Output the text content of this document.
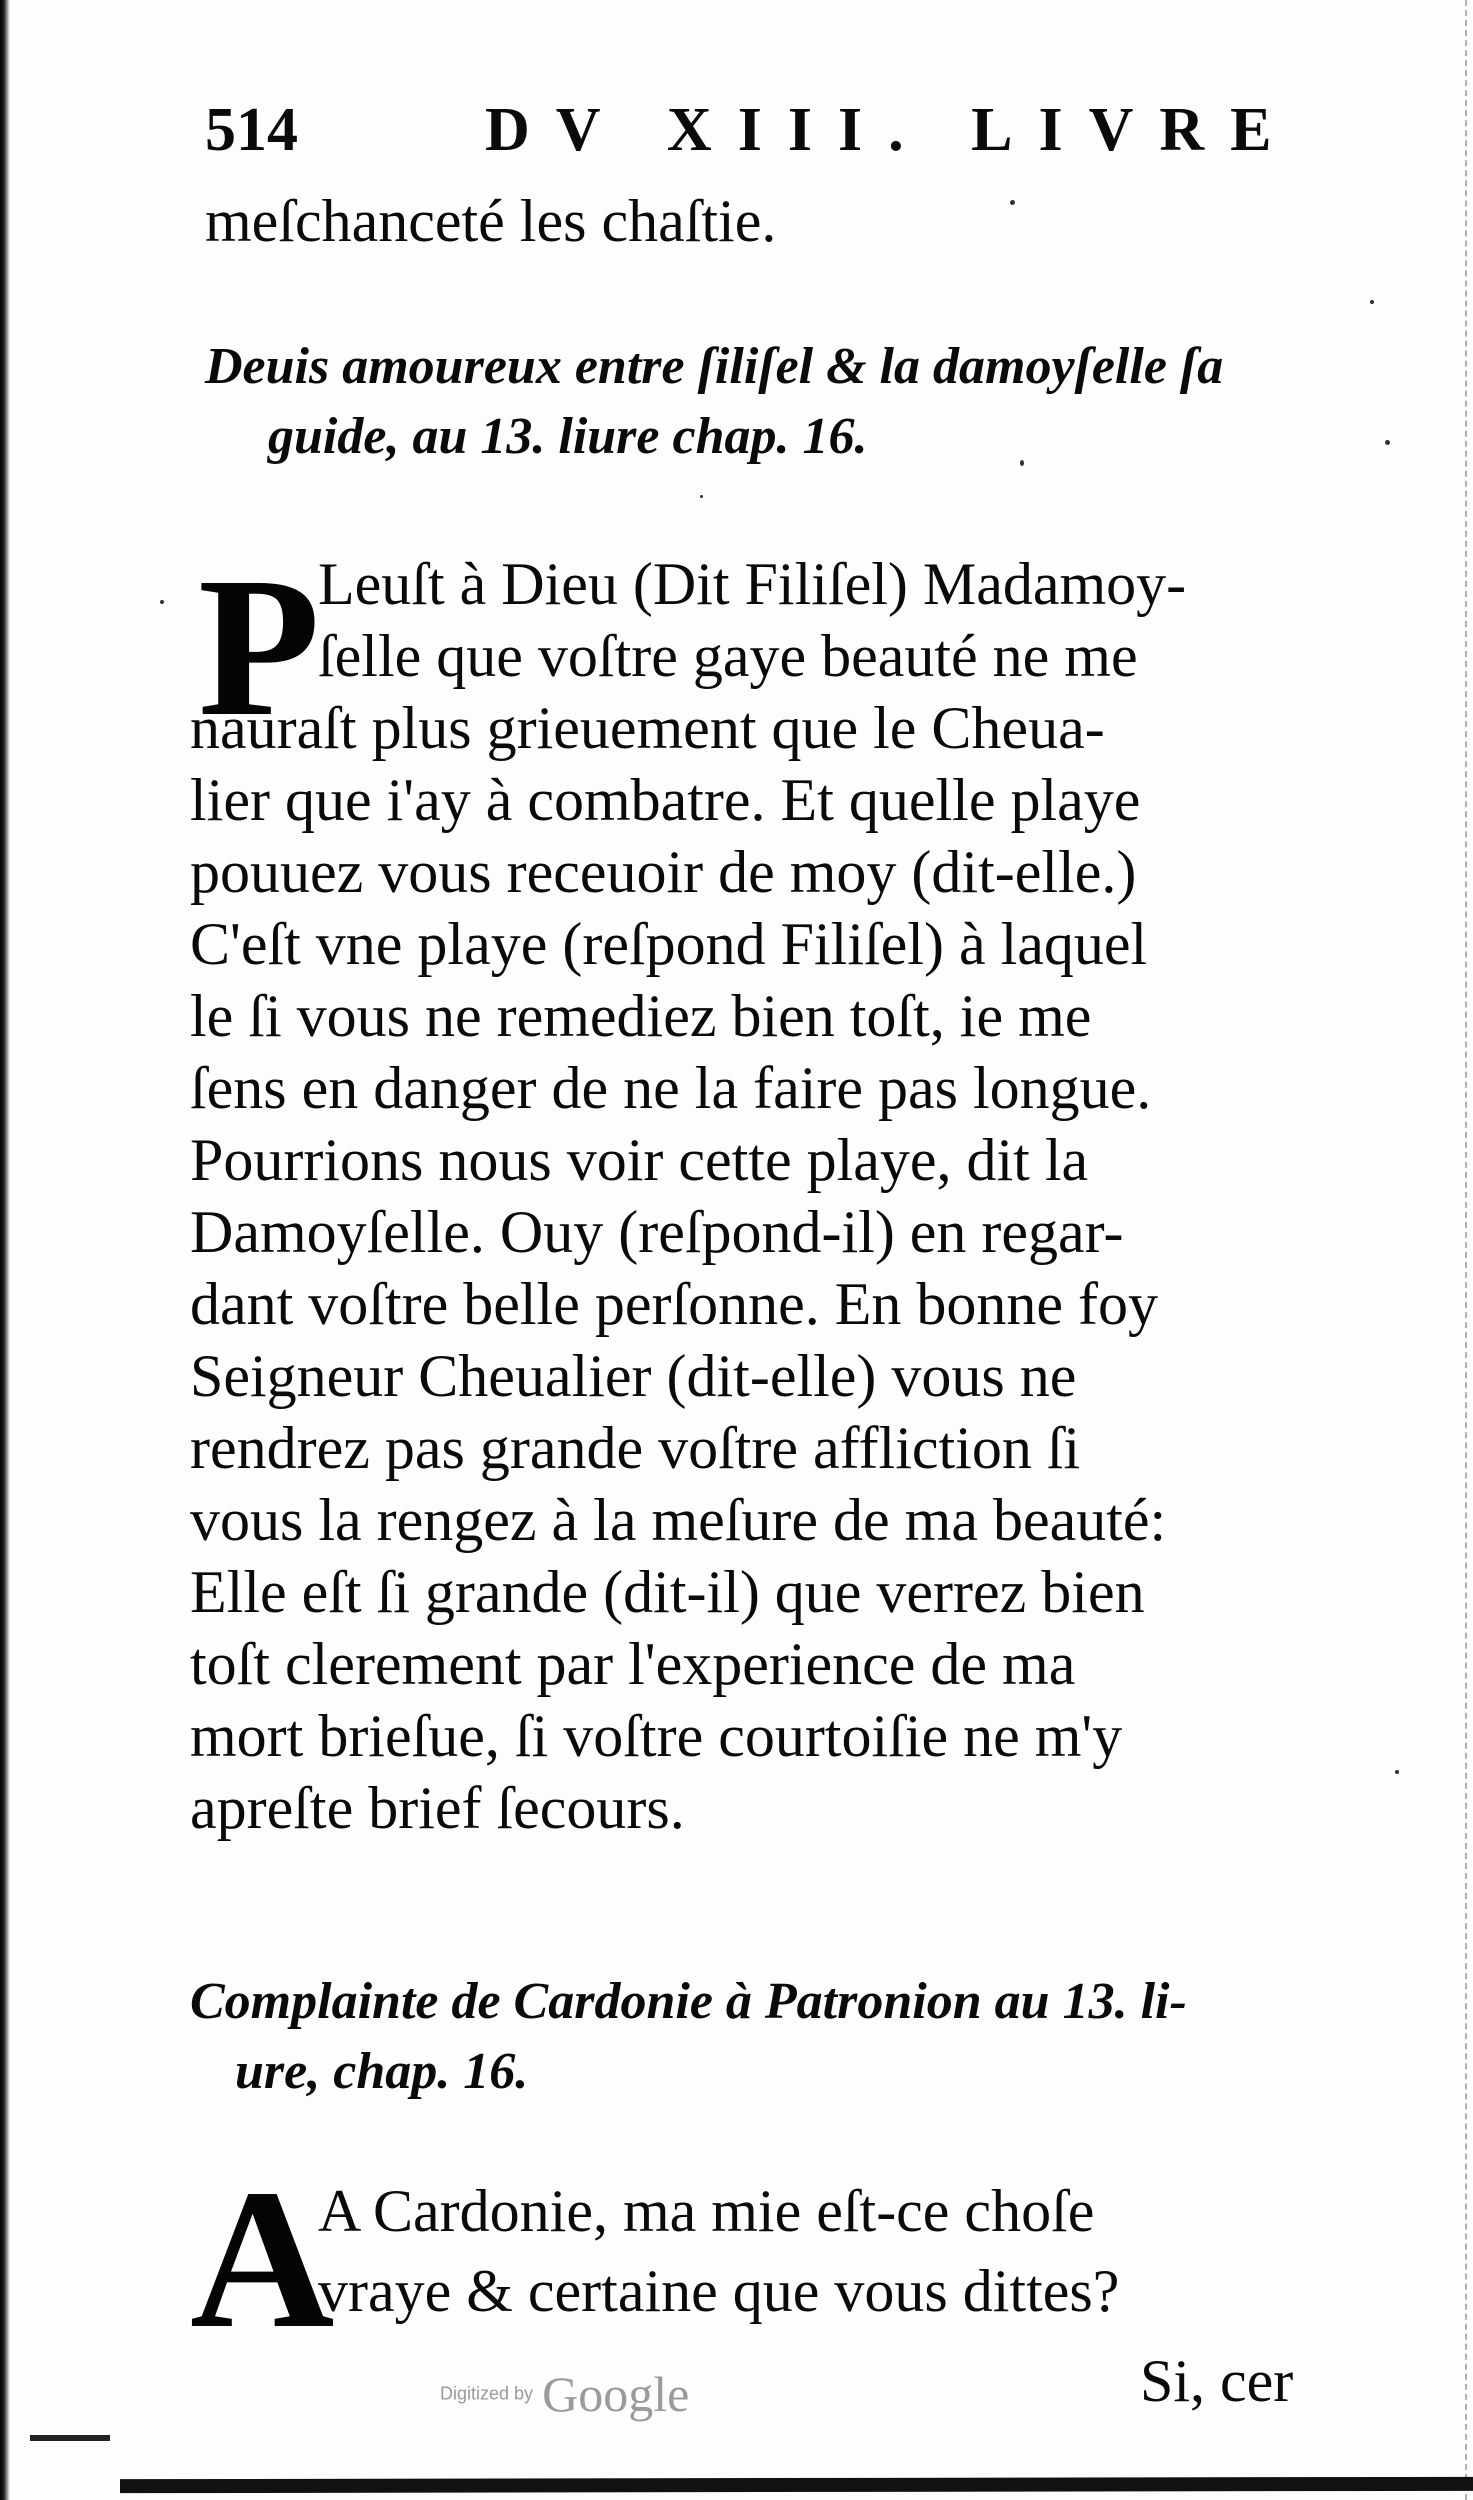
514	DV XIII. LIVRE
meſchanceté les chaſtie.
Deuis amoureux entre ſiliſel & la damoyſelle ſa
guide, au 13. liure chap. 16.
P
Leuſt à Dieu (Dit Filiſel) Madamoy-
ſelle que voſtre gaye beauté ne me
nauraſt plus grieuement que le Cheua-
lier que i'ay à combatre. Et quelle playe
pouuez vous receuoir de moy (dit-elle.)
C'eſt vne playe (reſpond Filiſel) à laquel
le ſi vous ne remediez bien toſt, ie me
ſens en danger de ne la faire pas longue.
Pourrions nous voir cette playe, dit la
Damoyſelle. Ouy (reſpond-il) en regar-
dant voſtre belle perſonne. En bonne foy
Seigneur Cheualier (dit-elle) vous ne
rendrez pas grande voſtre affliction ſi
vous la rengez à la meſure de ma beauté:
Elle eſt ſi grande (dit-il) que verrez bien
toſt clerement par l'experience de ma
mort brieſue, ſi voſtre courtoiſie ne m'y
apreſte brief ſecours.
Complainte de Cardonie à Patronion au 13. li-
ure, chap. 16.
A
A Cardonie, ma mie eſt-ce choſe
vraye & certaine que vous dittes?
Si, cer
Digitized by Google
